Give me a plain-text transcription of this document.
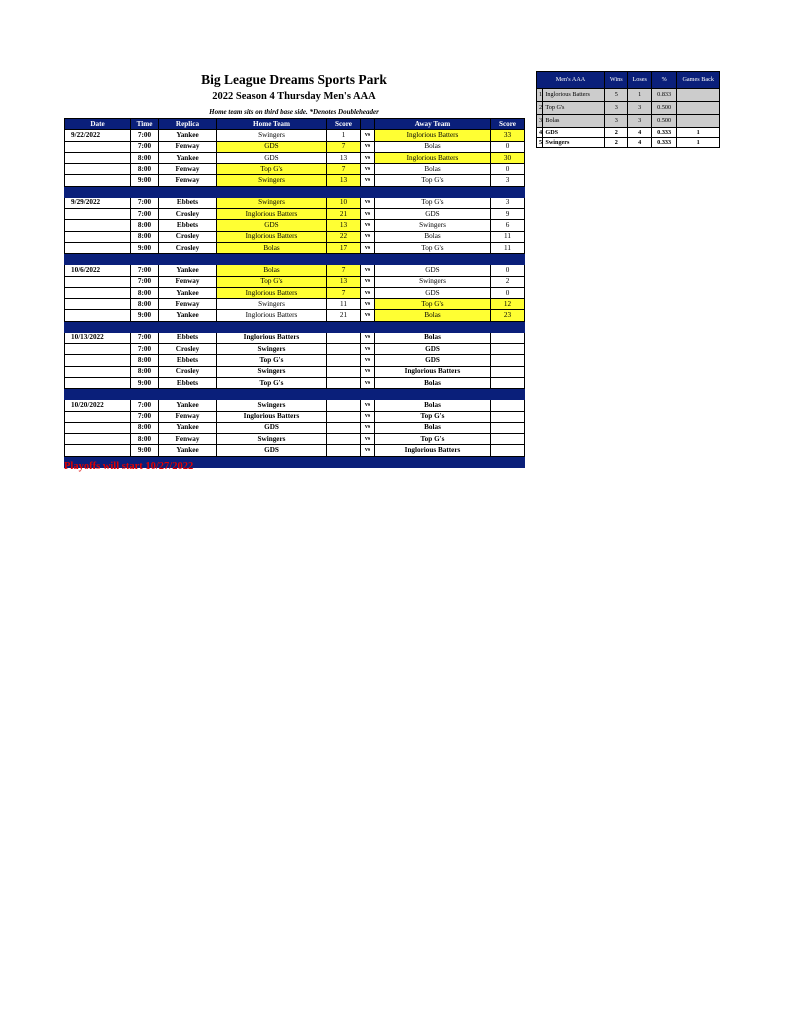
Big League Dreams Sports Park
2022 Season 4 Thursday Men's AAA
Home team sits on third base side. *Denotes Doubleheader
Date	Time	Replica	Home Team	Score		Away Team	Score
9/22/2022	7:00	Yankee	Swingers	1	vs	Inglorious Batters	33
	7:00	Fenway	GDS	7	vs	Bolas	0
	8:00	Yankee	GDS	13	vs	Inglorious Batters	30
	8:00	Fenway	Top G's	7	vs	Bolas	0
	9:00	Fenway	Swingers	13	vs	Top G's	3

9/29/2022	7:00	Ebbets	Swingers	10	vs	Top G's	3
	7:00	Crosley	Inglorious Batters	21	vs	GDS	9
	8:00	Ebbets	GDS	13	vs	Swingers	6
	8:00	Crosley	Inglorious Batters	22	vs	Bolas	11
	9:00	Crosley	Bolas	17	vs	Top G's	11

10/6/2022	7:00	Yankee	Bolas	7	vs	GDS	0
	7:00	Fenway	Top G's	13	vs	Swingers	2
	8:00	Yankee	Inglorious Batters	7	vs	GDS	0
	8:00	Fenway	Swingers	11	vs	Top G's	12
	9:00	Yankee	Inglorious Batters	21	vs	Bolas	23

10/13/2022	7:00	Ebbets	Inglorious Batters		vs	Bolas	
	7:00	Crosley	Swingers		vs	GDS	
	8:00	Ebbets	Top G's		vs	GDS	
	8:00	Crosley	Swingers		vs	Inglorious Batters	
	9:00	Ebbets	Top G's		vs	Bolas	

10/20/2022	7:00	Yankee	Swingers		vs	Bolas	
	7:00	Fenway	Inglorious Batters		vs	Top G's	
	8:00	Yankee	GDS		vs	Bolas	
	8:00	Fenway	Swingers		vs	Top G's	
	9:00	Yankee	GDS		vs	Inglorious Batters	

Playoffs will start 10/27/2022
Men's AAA		Wins	Loses	%	Games Back
1	Inglorious Batters	5	1	0.833	
2	Top G's	3	3	0.500	
3	Bolas	3	3	0.500	
4	GDS	2	4	0.333	1
5	Swingers	2	4	0.333	1
